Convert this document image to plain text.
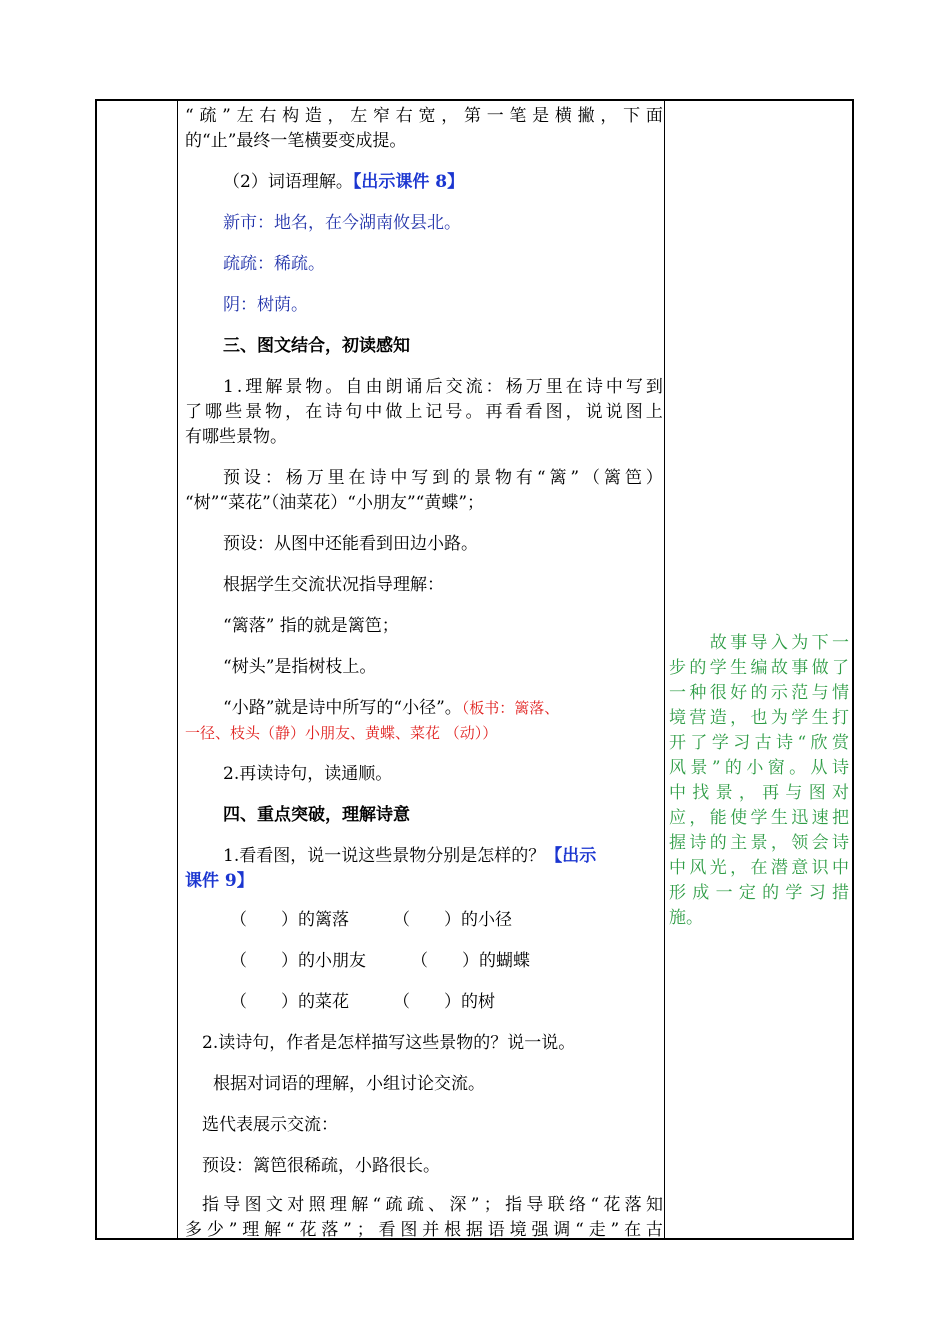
“ 疏 ” 左 右 构 造 ， 左 窄 右 宽 ， 第 一 笔 是 横 撇 ， 下 面
的“止”最终一笔横要变成提。
（2）词语理解。【出示课件 8】
新市：地名，在今湖南攸县北。
疏疏：稀疏。
阴：树荫。
三、图文结合，初读感知
1 . 理 解 景 物 。 自 由 朗 诵 后 交 流 ： 杨 万 里 在 诗 中 写 到
了 哪 些 景 物 ， 在 诗 句 中 做 上 记 号 。 再 看 看 图 ， 说 说 图 上
有哪些景物。
预 设 ： 杨 万 里 在 诗 中 写 到 的 景 物 有 “ 篱 ” （ 篱 笆 ）
“树”“菜花”（油菜花）“小朋友”“黄蝶”；
预设：从图中还能看到田边小路。
根据学生交流状况指导理解：
“篱落” 指的就是篱笆；
“树头”是指树枝上。
“小路”就是诗中所写的“小径”。（板书：篱落、
一径、枝头（静）小朋友、黄蝶、菜花 （动））
2.再读诗句，读通顺。
四、重点突破，理解诗意
1.看看图，说一说这些景物分别是怎样的？【出示
课件 9】
（　　）的篱落	（　　）的小径
（　　）的小朋友	（　　）的蝴蝶
（　　）的菜花	（　　）的树
2.读诗句，作者是怎样描写这些景物的？说一说。
根据对词语的理解，小组讨论交流。
选代表展示交流：
预设：篱笆很稀疏，小路很长。
指 导 图 文 对 照 理 解 “ 疏 疏 、 深 ” ； 指 导 联 络 “ 花 落 知
多 少 ” 理 解 “ 花 落 ” ； 看 图 并 根 据 语 境 强 调 “ 走 ” 在 古

故 事 导 入 为 下 一
步 的 学 生 编 故 事 做 了
一 种 很 好 的 示 范 与 情
境 营 造 ， 也 为 学 生 打
开 了 学 习 古 诗 “ 欣 赏
风 景 ” 的 小 窗 。 从 诗
中 找 景 ， 再 与 图 对
应 ， 能 使 学 生 迅 速 把
握 诗 的 主 景 ， 领 会 诗
中 风 光 ， 在 潜 意 识 中
形 成 一 定 的 学 习 措
施。
